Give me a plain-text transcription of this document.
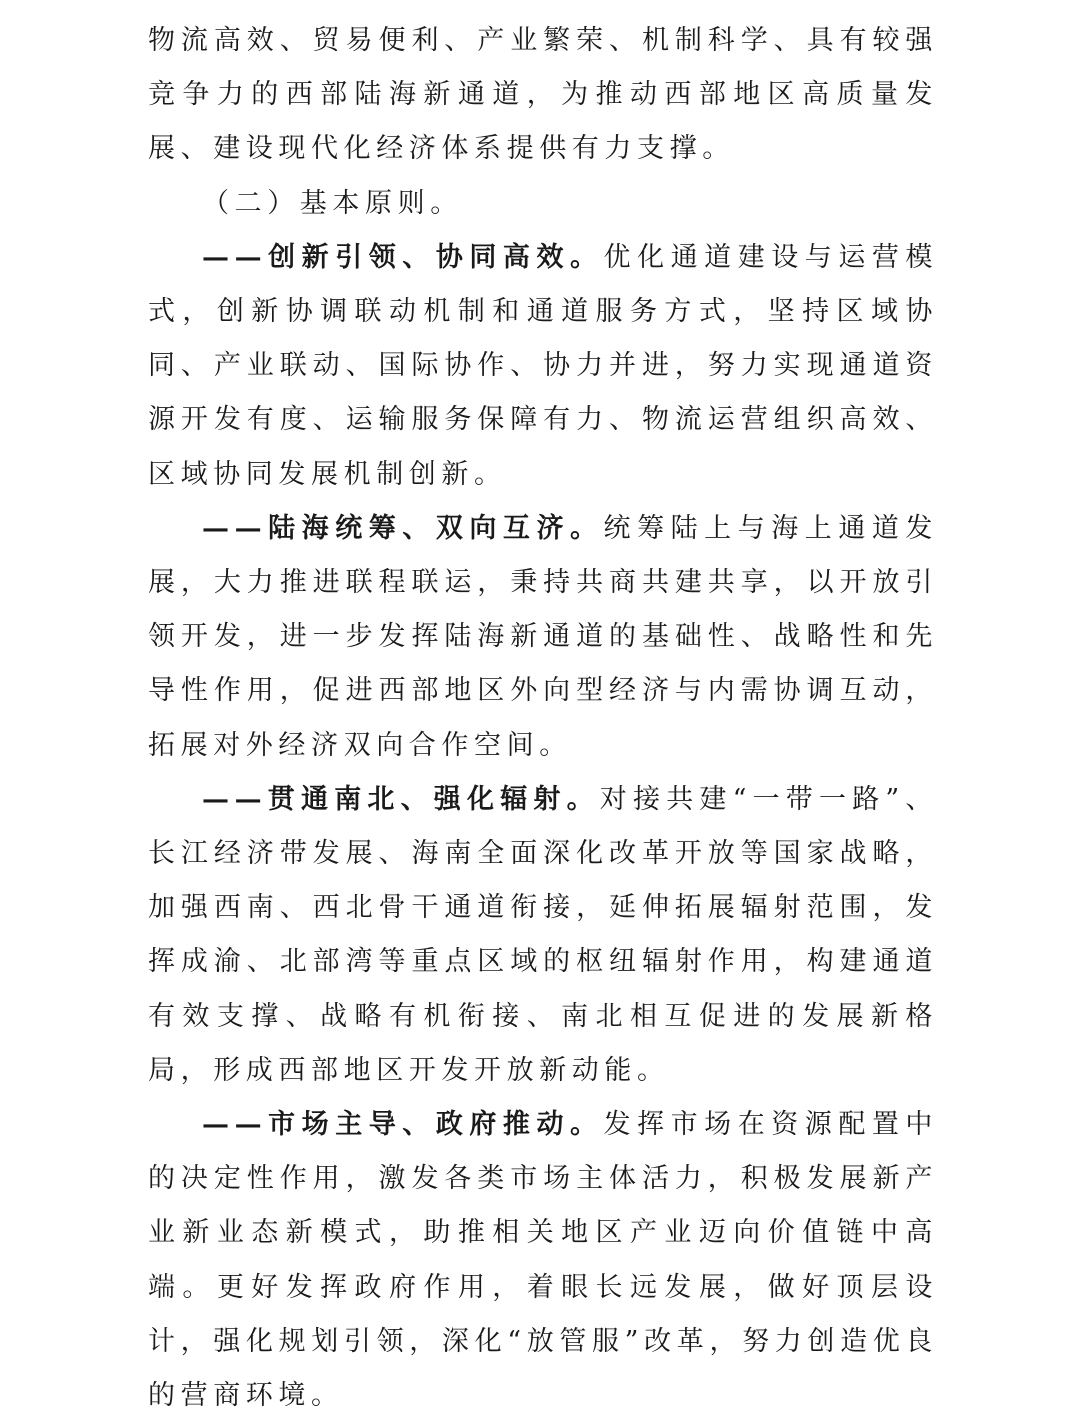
物流高效、贸易便利、产业繁荣、机制科学、具有较强竞争力的西部陆海新通道，为推动西部地区高质量发展、建设现代化经济体系提供有力支撑。

（二）基本原则。

——创新引领、协同高效。优化通道建设与运营模式，创新协调联动机制和通道服务方式，坚持区域协同、产业联动、国际协作、协力并进，努力实现通道资源开发有度、运输服务保障有力、物流运营组织高效、区域协同发展机制创新。

——陆海统筹、双向互济。统筹陆上与海上通道发展，大力推进联程联运，秉持共商共建共享，以开放引领开发，进一步发挥陆海新通道的基础性、战略性和先导性作用，促进西部地区外向型经济与内需协调互动，拓展对外经济双向合作空间。

——贯通南北、强化辐射。对接共建“一带一路”、长江经济带发展、海南全面深化改革开放等国家战略，加强西南、西北骨干通道衔接，延伸拓展辐射范围，发挥成渝、北部湾等重点区域的枢纽辐射作用，构建通道有效支撑、战略有机衔接、南北相互促进的发展新格局，形成西部地区开发开放新动能。

——市场主导、政府推动。发挥市场在资源配置中的决定性作用，激发各类市场主体活力，积极发展新产业新业态新模式，助推相关地区产业迈向价值链中高端。更好发挥政府作用，着眼长远发展，做好顶层设计，强化规划引领，深化“放管服”改革，努力创造优良的营商环境。
